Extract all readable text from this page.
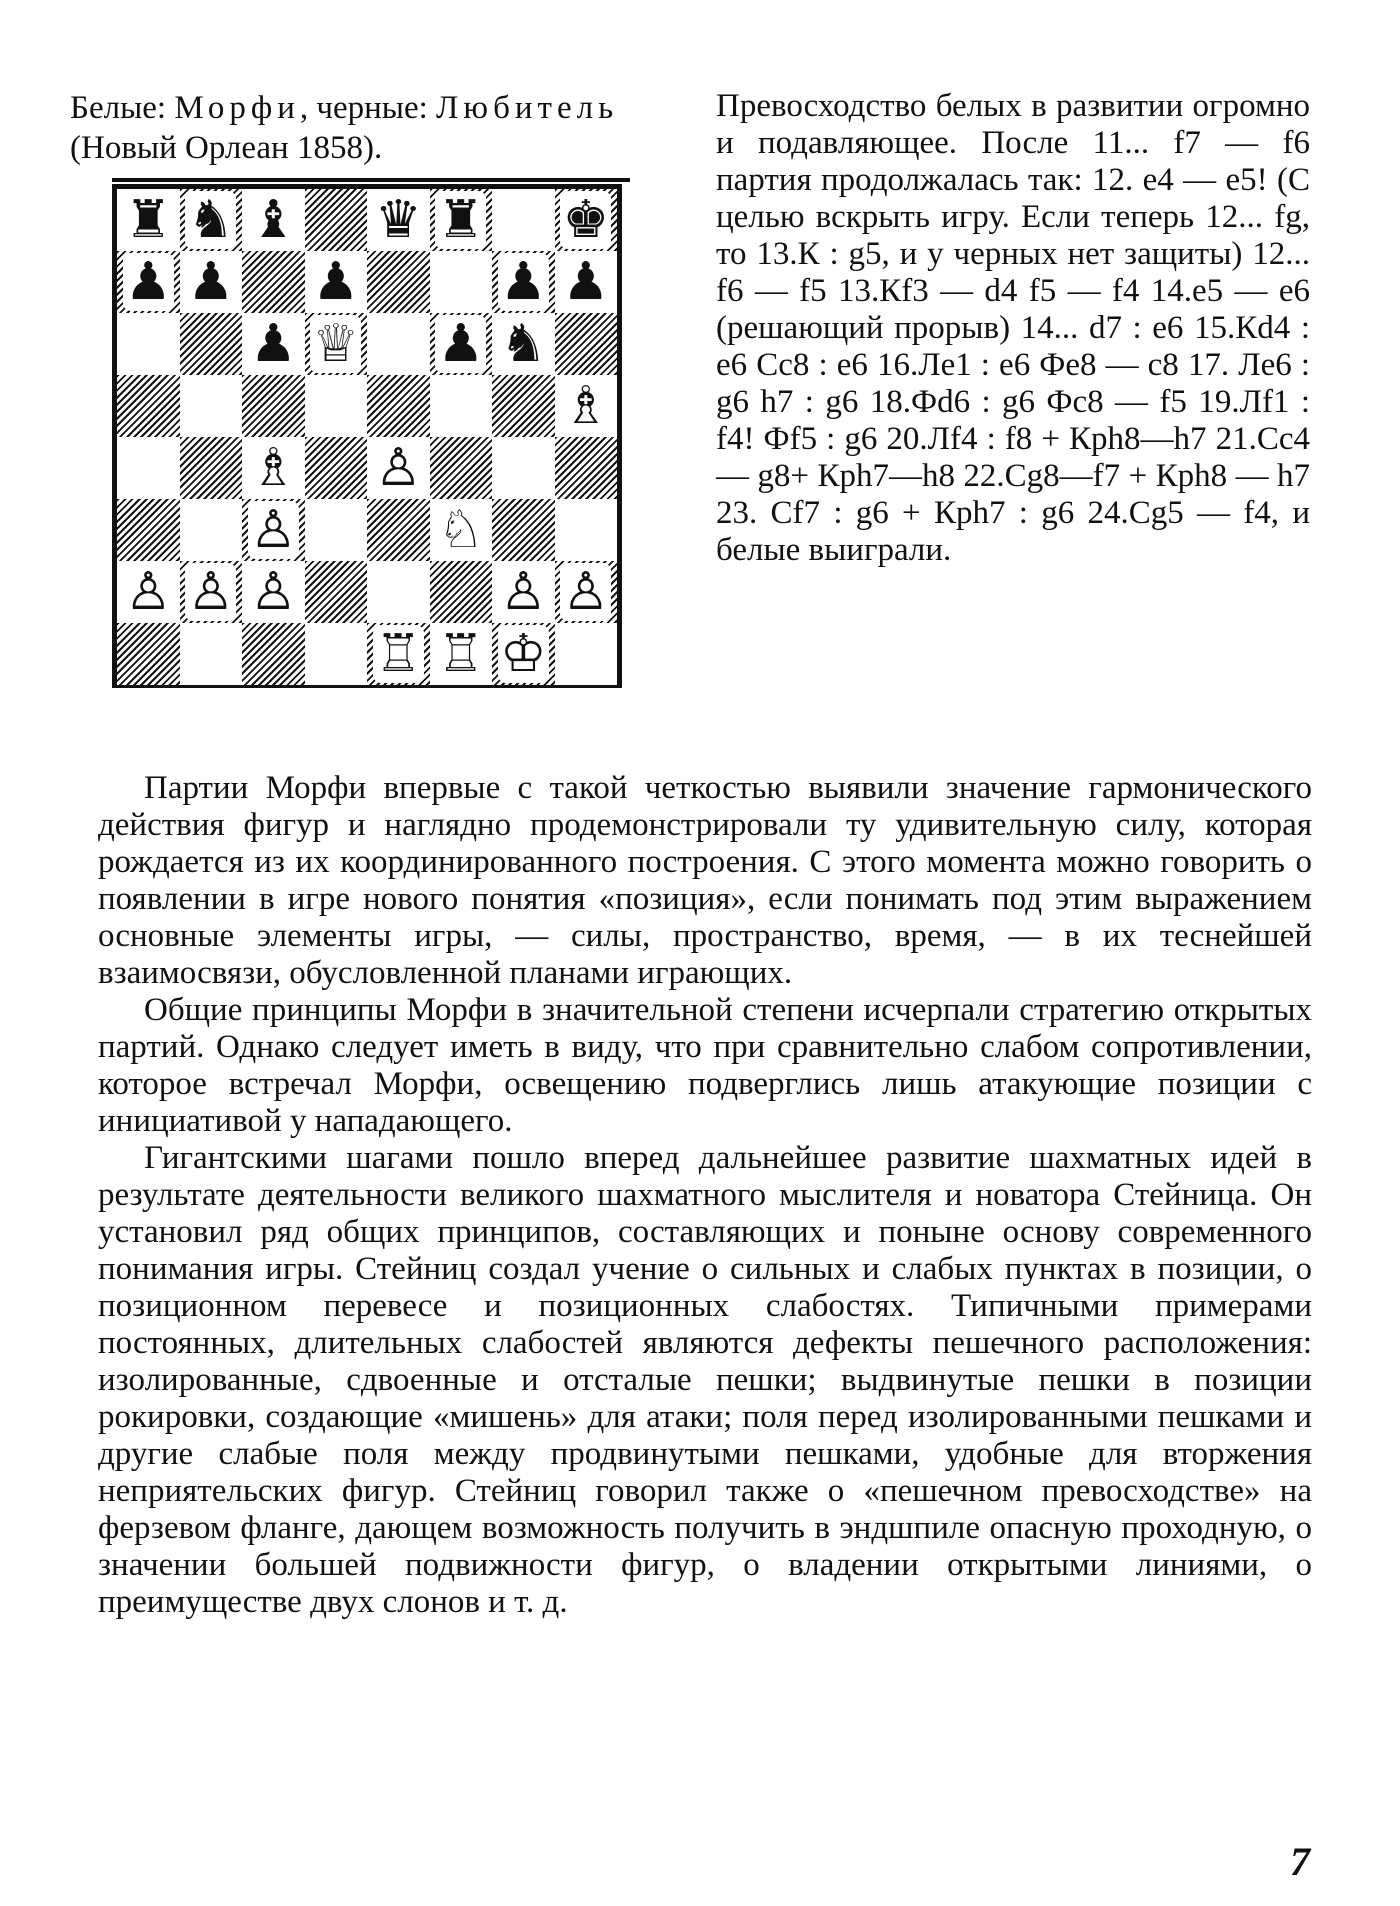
Белые: Морфи, черные: Любитель (Новый Орлеан 1858).
♜ ♞ ♝ ♛ ♜ ♚
♟ ♟ ♟	♟ ♟
♟ ♕ ♟ ♞
♗
♗ ♙
♙	♘
♙ ♙ ♙	♙ ♙
♖ ♖ ♔
Превосходство белых в развитии огромно и подавляющее. После 11... f7 — f6 партия продолжалась так: 12. e4 — e5! (С целью вскрыть игру. Если теперь 12... fg, то 13.К : g5, и у черных нет защиты) 12... f6 — f5 13.Кf3 — d4 f5 — f4 14.e5 — e6 (решающий прорыв) 14... d7 : e6 15.Кd4 : e6 Сc8 : e6 16.Лe1 : e6 Фe8 — c8 17. Лe6 : g6 h7 : g6 18.Фd6 : g6 Фc8 — f5 19.Лf1 : f4! Фf5 : g6 20.Лf4 : f8 + Крh8—h7 21.Сc4 — g8+ Крh7—h8 22.Сg8—f7 + Крh8 — h7 23. Сf7 : g6 + Крh7 : g6 24.Сg5 — f4, и белые выиграли.

Партии Морфи впервые с такой четкостью выявили значение гармонического действия фигур и наглядно продемонстрировали ту удивительную силу, которая рождается из их координированного построения. С этого момента можно говорить о появлении в игре нового понятия «позиция», если понимать под этим выражением основные элементы игры, — силы, пространство, время, — в их теснейшей взаимосвязи, обусловленной планами играющих.

Общие принципы Морфи в значительной степени исчерпали стратегию открытых партий. Однако следует иметь в виду, что при сравнительно слабом сопротивлении, которое встречал Морфи, освещению подверглись лишь атакующие позиции с инициативой у нападающего.

Гигантскими шагами пошло вперед дальнейшее развитие шахматных идей в результате деятельности великого шахматного мыслителя и новатора Стейница. Он установил ряд общих принципов, составляющих и поныне основу современного понимания игры. Стейниц создал учение о сильных и слабых пунктах в позиции, о позиционном перевесе и позиционных слабостях. Типичными примерами постоянных, длительных слабостей являются дефекты пешечного расположения: изолированные, сдвоенные и отсталые пешки; выдвинутые пешки в позиции рокировки, создающие «мишень» для атаки; поля перед изолированными пешками и другие слабые поля между продвинутыми пешками, удобные для вторжения неприятельских фигур. Стейниц говорил также о «пешечном превосходстве» на ферзевом фланге, дающем возможность получить в эндшпиле опасную проходную, о значении большей подвижности фигур, о владении открытыми линиями, о преимуществе двух слонов и т. д.

7
